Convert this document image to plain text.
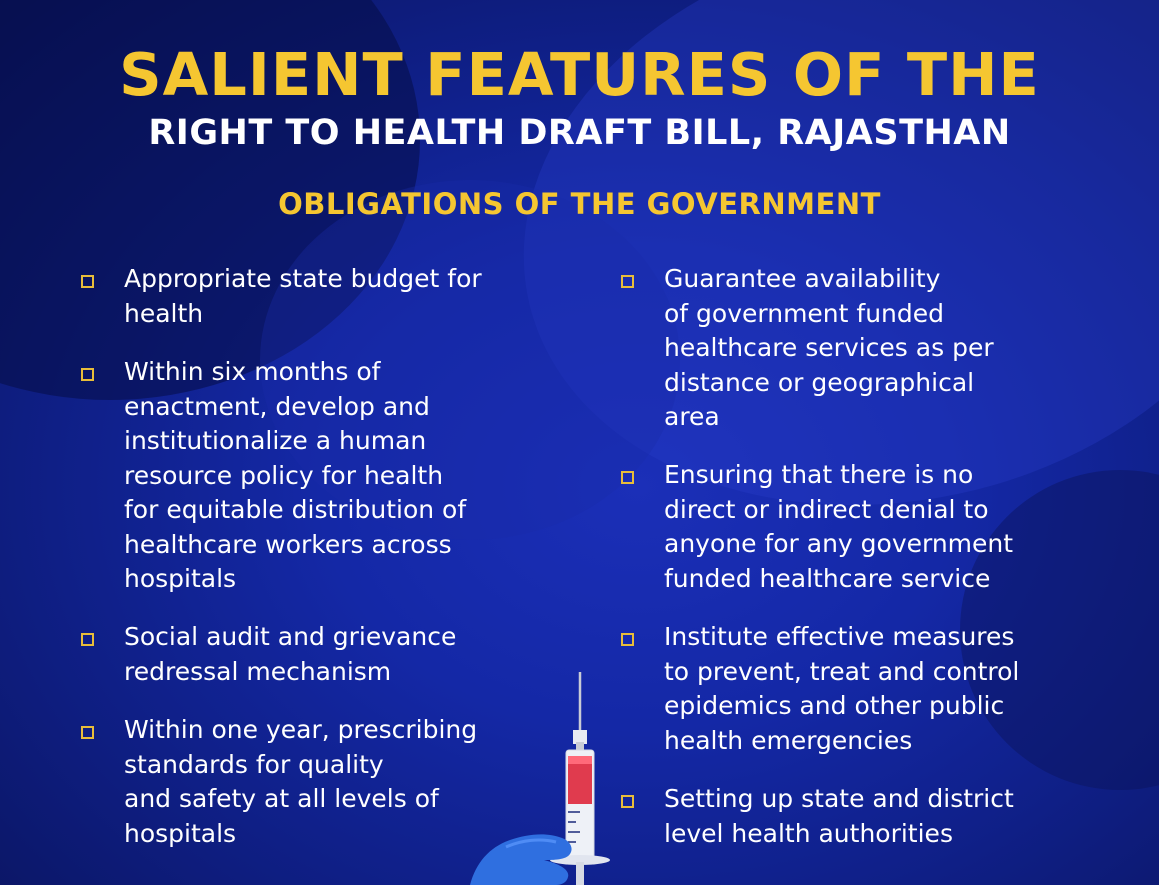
SALIENT FEATURES OF THE
RIGHT TO HEALTH DRAFT BILL, RAJASTHAN
OBLIGATIONS OF THE GOVERNMENT
Appropriate state budget for
health
Within six months of
enactment, develop and
institutionalize a human
resource policy for health
for equitable distribution of
healthcare workers across
hospitals
Social audit and grievance
redressal mechanism
Within one year, prescribing
standards for quality
and safety at all levels of
hospitals
Guarantee availability
of government funded
healthcare services as per
distance or geographical
area
Ensuring that there is no
direct or indirect denial to
anyone for any government
funded healthcare service
Institute effective measures
to prevent, treat and control
epidemics and other public
health emergencies
Setting up state and district
level health authorities
